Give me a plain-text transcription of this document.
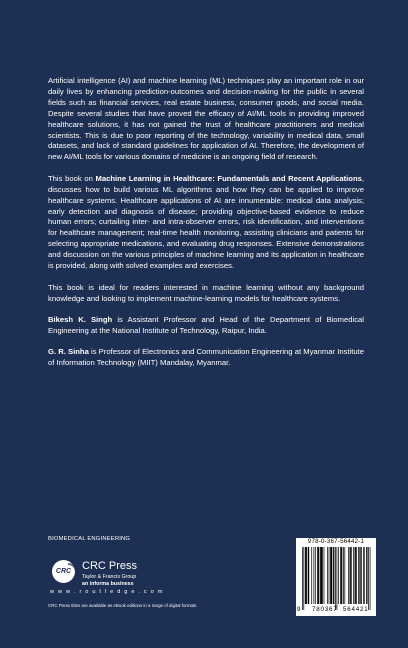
Artificial intelligence (AI) and machine learning (ML) techniques play an important role in our daily lives by enhancing prediction-outcomes and decision-making for the public in several fields such as financial services, real estate business, consumer goods, and social media. Despite several studies that have proved the efficacy of AI/ML tools in providing improved healthcare solutions, it has not gained the trust of healthcare practitioners and medical scientists. This is due to poor reporting of the technology, variability in medical data, small datasets, and lack of standard guidelines for application of AI. Therefore, the development of new AI/ML tools for various domains of medicine is an ongoing field of research.

This book on Machine Learning in Healthcare: Fundamentals and Recent Applications, discusses how to build various ML algorithms and how they can be applied to improve healthcare systems. Healthcare applications of AI are innumerable: medical data analysis; early detection and diagnosis of disease; providing objective-based evidence to reduce human errors; curtailing inter- and intra-observer errors, risk identification, and interventions for healthcare management; real-time health monitoring, assisting clinicians and patients for selecting appropriate medications, and evaluating drug responses. Extensive demonstrations and discussion on the various principles of machine learning and its application in healthcare is provided, along with solved examples and exercises.

This book is ideal for readers interested in machine learning without any background knowledge and looking to implement machine-learning models for healthcare systems.

Bikesh K. Singh is Assistant Professor and Head of the Department of Biomedical Engineering at the National Institute of Technology, Raipur, India.

G. R. Sinha is Professor of Electronics and Communication Engineering at Myanmar Institute of Information Technology (MIIT) Mandalay, Myanmar.

BIOMEDICAL ENGINEERING
CRC CRC Press
Taylor & Francis Group
an informa business
w w w . r o u t l e d g e . c o m
CRC Press titles are available as eBook editions in a range of digital formats
978-0-367-56442-1
9 780367 564421
